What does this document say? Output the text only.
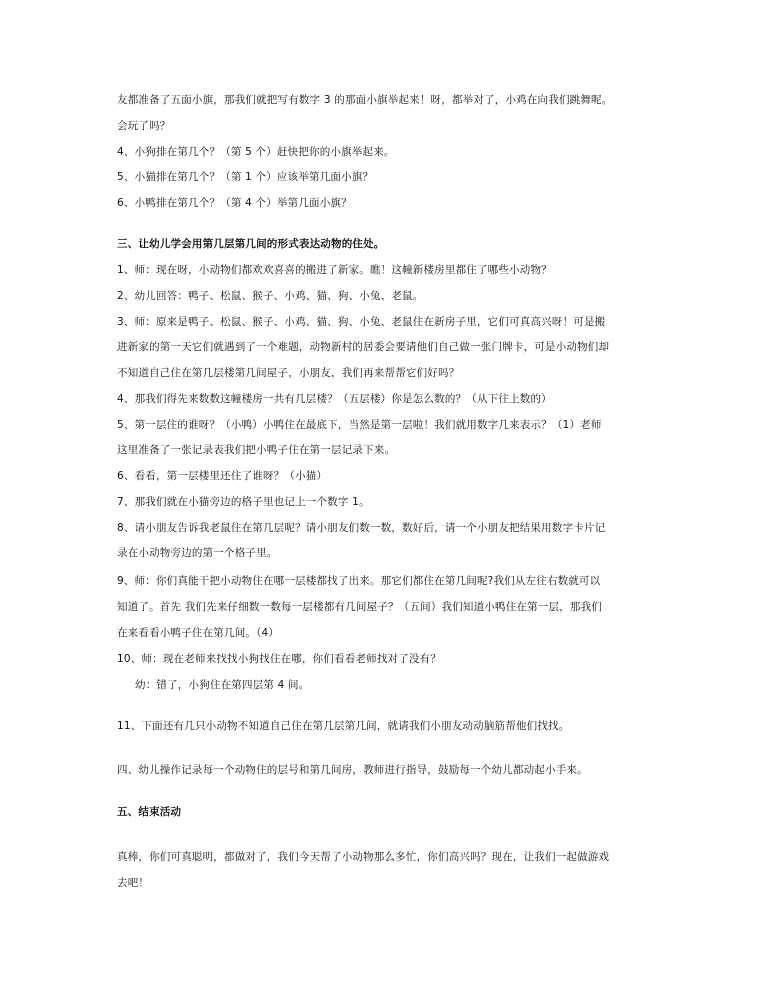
友都准备了五面小旗，那我们就把写有数字 3 的那面小旗举起来！呀，都举对了，小鸡在向我们跳舞呢。
会玩了吗？
4、小狗排在第几个？（第 5 个）赶快把你的小旗举起来。
5、小猫排在第几个？（第 1 个）应该举第几面小旗？
6、小鸭排在第几个？（第 4 个）举第几面小旗？
三、让幼儿学会用第几层第几间的形式表达动物的住处。
1、师：现在呀，小动物们都欢欢喜喜的搬进了新家。瞧！这幢新楼房里都住了哪些小动物？
2、幼儿回答：鸭子、松鼠、猴子、小鸡、猫、狗、小兔、老鼠。
3、师：原来是鸭子、松鼠、猴子、小鸡、猫、狗、小兔、老鼠住在新房子里，它们可真高兴呀！可是搬
进新家的第一天它们就遇到了一个难题，动物新村的居委会要请他们自己做一张门牌卡，可是小动物们却
不知道自己住在第几层楼第几间屋子，小朋友，我们再来帮帮它们好吗？
4、那我们得先来数数这幢楼房一共有几层楼？（五层楼）你是怎么数的？（从下往上数的）
5、第一层住的谁呀？（小鸭）小鸭住在最底下，当然是第一层啦！我们就用数字几来表示？（1）老师
这里准备了一张记录表我们把小鸭子住在第一层记录下来。
6、看看，第一层楼里还住了谁呀？（小猫）
7、那我们就在小猫旁边的格子里也记上一个数字 1。
8、请小朋友告诉我老鼠住在第几层呢？请小朋友们数一数，数好后，请一个小朋友把结果用数字卡片记
录在小动物旁边的第一个格子里。
9、师：你们真能干把小动物住在哪一层楼都找了出来。那它们都住在第几间呢?我们从左往右数就可以
知道了。首先 我们先来仔细数一数每一层楼都有几间屋子？（五间）我们知道小鸭住在第一层，那我们
在来看看小鸭子住在第几间。（4）
10、师：现在老师来找找小狗找住在哪，你们看看老师找对了没有？
幼：错了，小狗住在第四层第 4 间。
11、下面还有几只小动物不知道自己住在第几层第几间，就请我们小朋友动动脑筋帮他们找找。
四、幼儿操作记录每一个动物住的层号和第几间房，教师进行指导，鼓励每一个幼儿都动起小手来。
五、结束活动
真棒，你们可真聪明，都做对了，我们今天帮了小动物那么多忙，你们高兴吗？现在，让我们一起做游戏
去吧！
